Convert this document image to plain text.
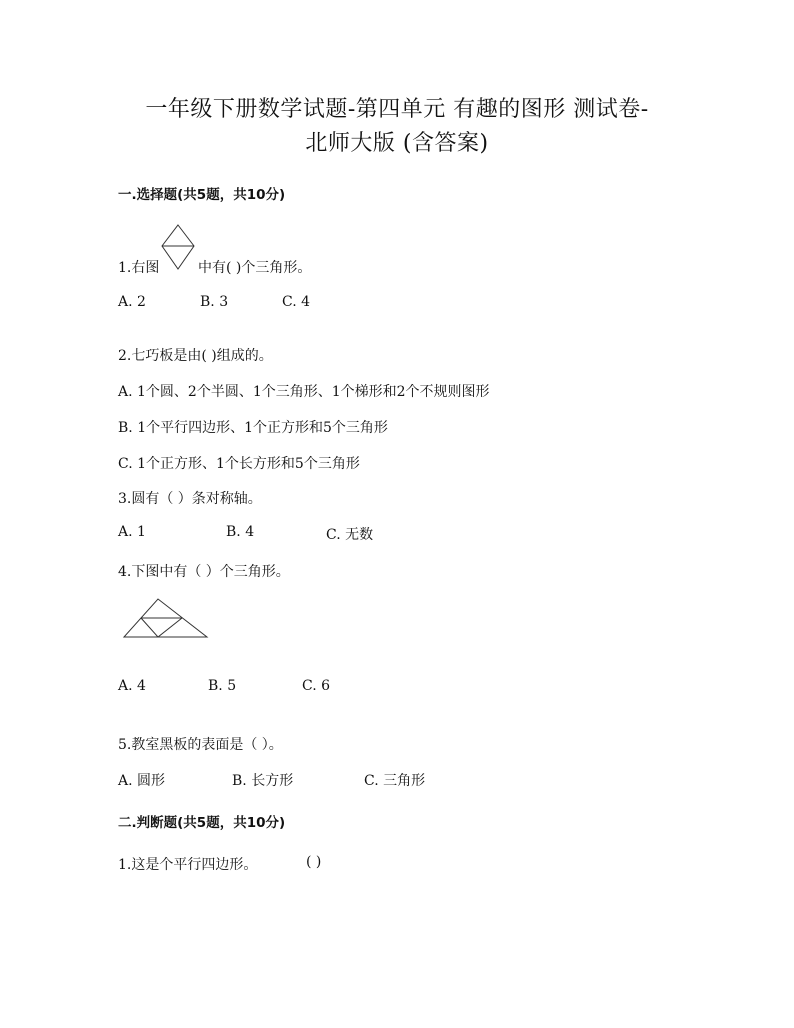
一年级下册数学试题-第四单元 有趣的图形 测试卷-
北师大版 (含答案)
一.选择题(共5题，共10分)
1.右图	中有( )个三角形。
A. 2	B. 3	C. 4
2.七巧板是由( )组成的。
A. 1个圆、2个半圆、1个三角形、1个梯形和2个不规则图形
B. 1个平行四边形、1个正方形和5个三角形
C. 1个正方形、1个长方形和5个三角形
3.圆有（ ）条对称轴。
A. 1	B. 4	C. 无数
4.下图中有（ ）个三角形。
A. 4	B. 5	C. 6
5.教室黑板的表面是（ ）。
A. 圆形	B. 长方形	C. 三角形
二.判断题(共5题，共10分)
1.这是个平行四边形。	( )
